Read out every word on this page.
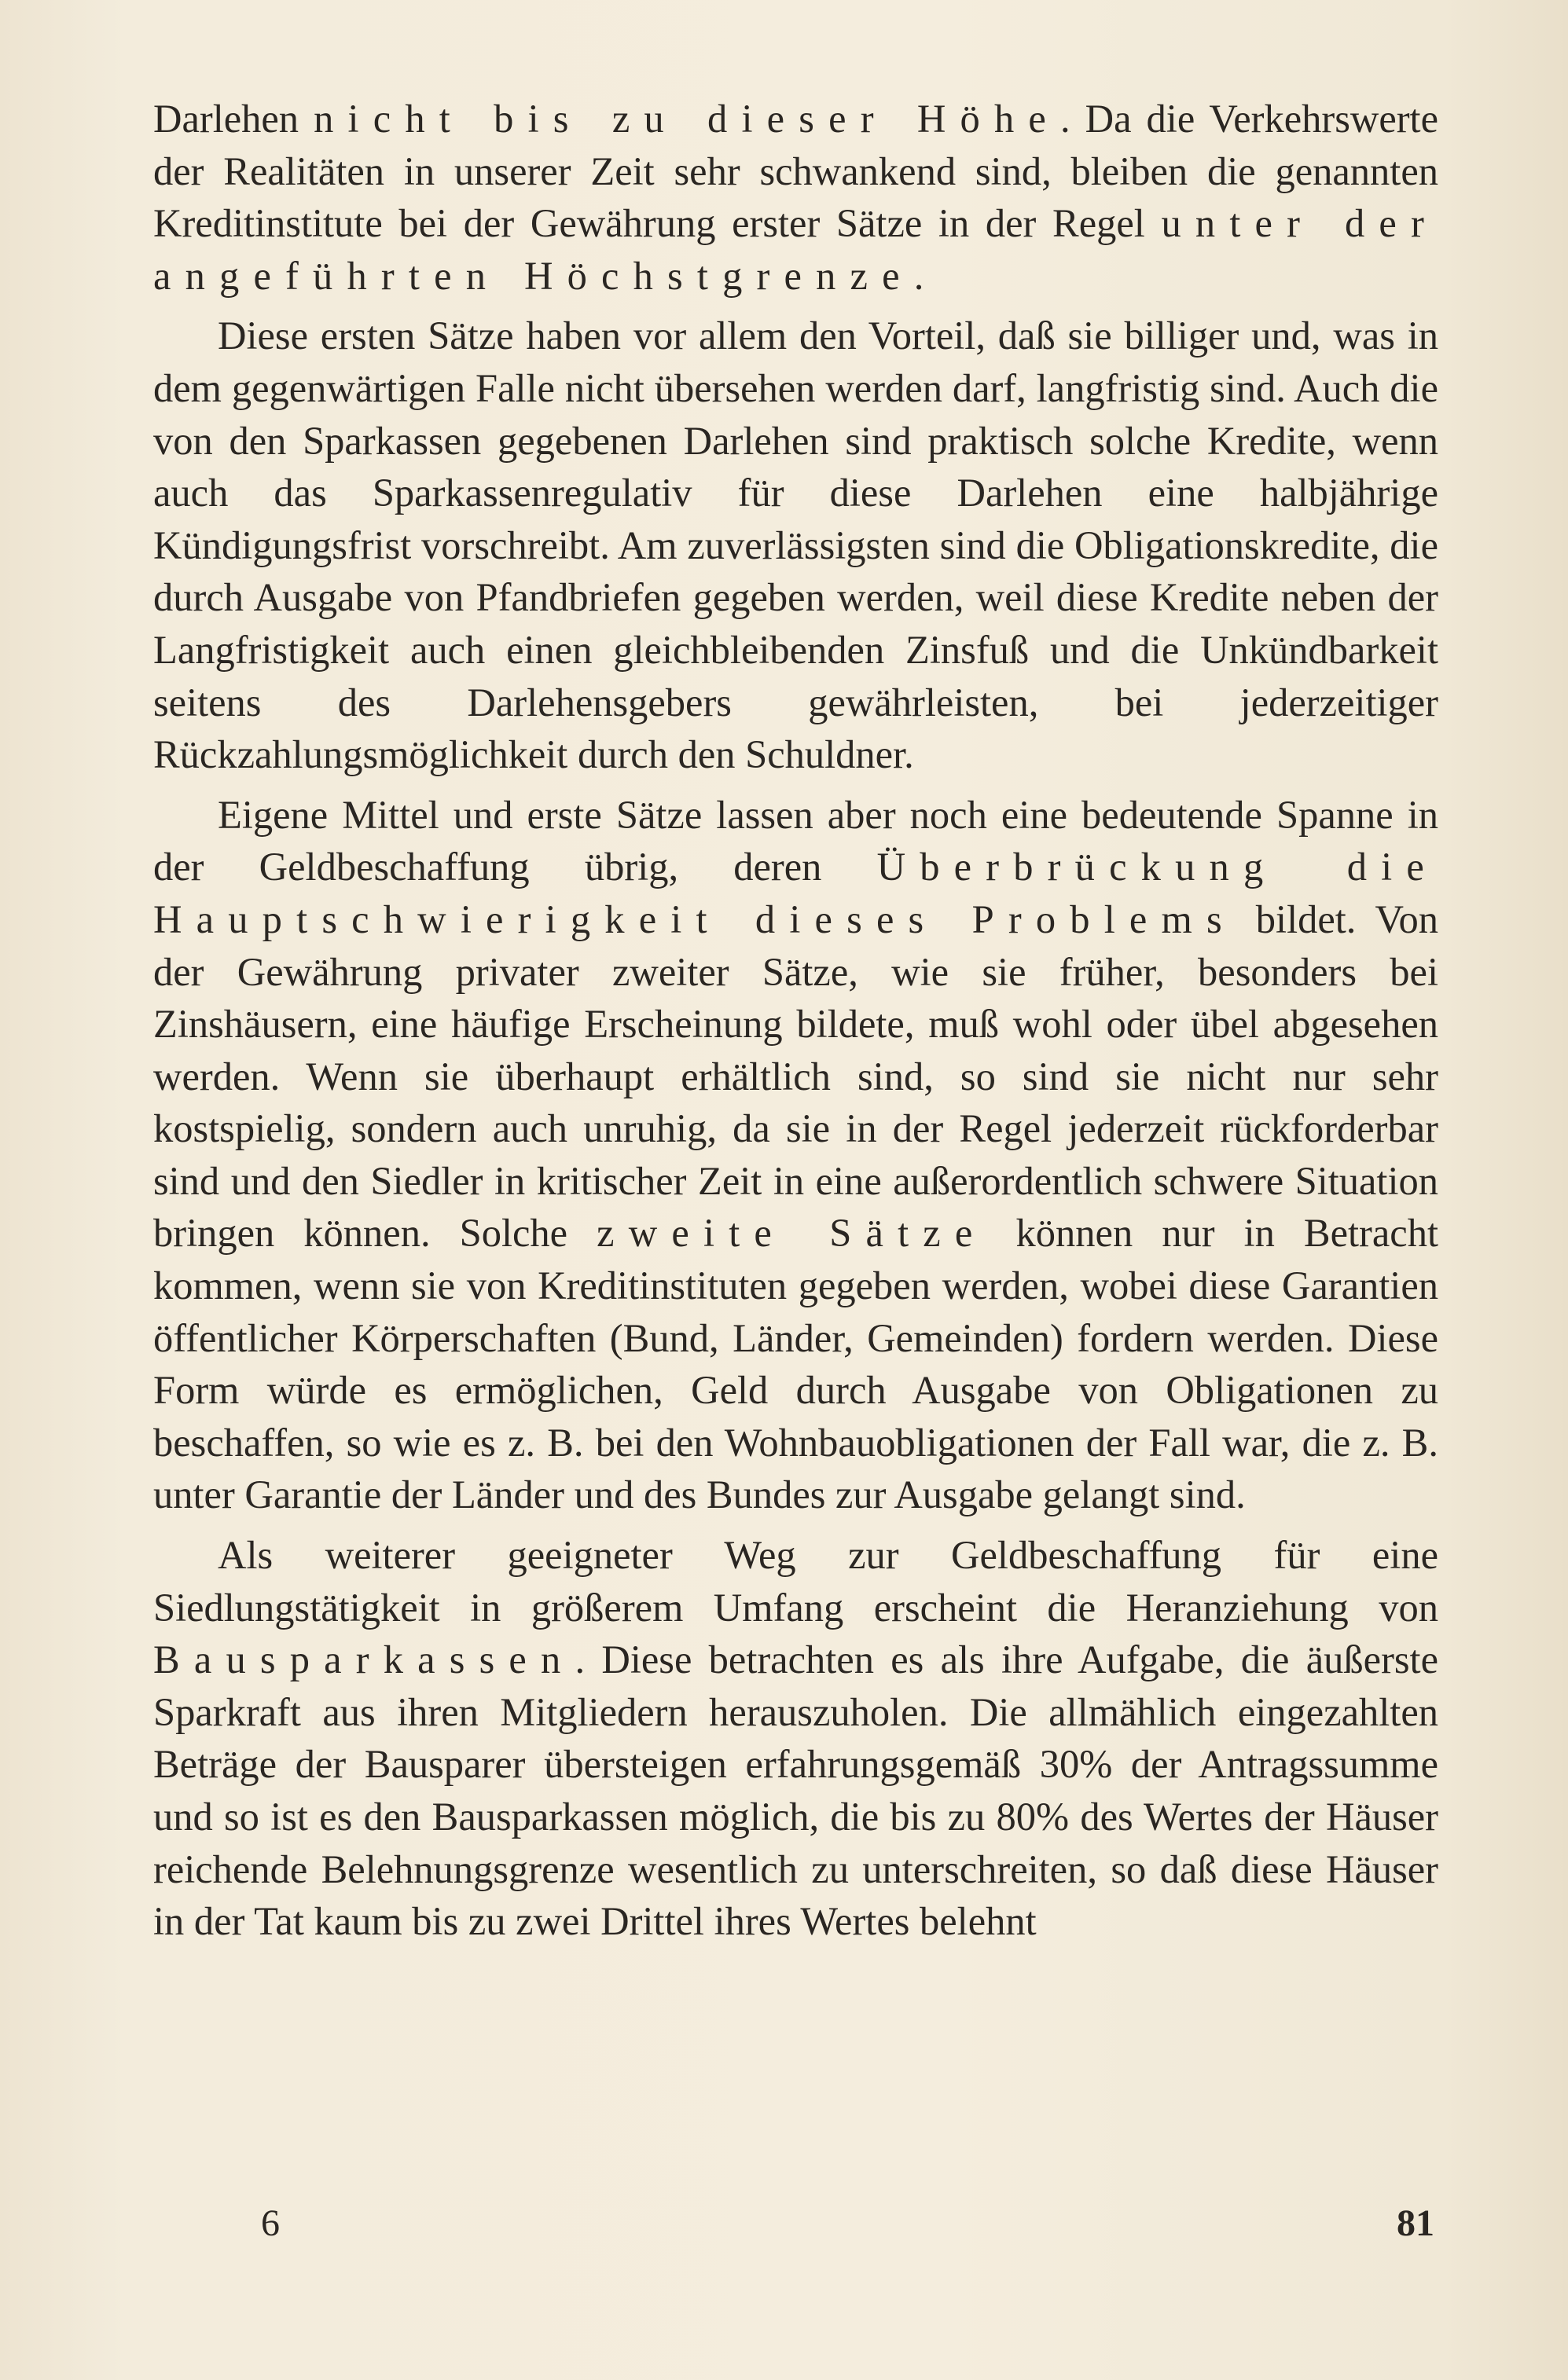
Darlehen nicht bis zu dieser Höhe. Da die Verkehrswerte der Realitäten in unserer Zeit sehr schwankend sind, bleiben die genannten Kreditinstitute bei der Gewährung erster Sätze in der Regel unter der angeführten Höchstgrenze.

Diese ersten Sätze haben vor allem den Vorteil, daß sie billiger und, was in dem gegenwärtigen Falle nicht übersehen werden darf, langfristig sind. Auch die von den Sparkassen gegebenen Darlehen sind praktisch solche Kredite, wenn auch das Sparkassenregulativ für diese Darlehen eine halbjährige Kündigungsfrist vorschreibt. Am zuverlässigsten sind die Obligationskredite, die durch Ausgabe von Pfandbriefen gegeben werden, weil diese Kredite neben der Langfristigkeit auch einen gleichbleibenden Zinsfuß und die Unkündbarkeit seitens des Darlehensgebers gewährleisten, bei jederzeitiger Rückzahlungsmöglichkeit durch den Schuldner.

Eigene Mittel und erste Sätze lassen aber noch eine bedeutende Spanne in der Geldbeschaffung übrig, deren Überbrückung die Hauptschwierigkeit dieses Problems bildet. Von der Gewährung privater zweiter Sätze, wie sie früher, besonders bei Zinshäusern, eine häufige Erscheinung bildete, muß wohl oder übel abgesehen werden. Wenn sie überhaupt erhältlich sind, so sind sie nicht nur sehr kostspielig, sondern auch unruhig, da sie in der Regel jederzeit rückforderbar sind und den Siedler in kritischer Zeit in eine außerordentlich schwere Situation bringen können. Solche zweite Sätze können nur in Betracht kommen, wenn sie von Kreditinstituten gegeben werden, wobei diese Garantien öffentlicher Körperschaften (Bund, Länder, Gemeinden) fordern werden. Diese Form würde es ermöglichen, Geld durch Ausgabe von Obligationen zu beschaffen, so wie es z. B. bei den Wohnbauobligationen der Fall war, die z. B. unter Garantie der Länder und des Bundes zur Ausgabe gelangt sind.

Als weiterer geeigneter Weg zur Geldbeschaffung für eine Siedlungstätigkeit in größerem Umfang erscheint die Heranziehung von Bausparkassen. Diese betrachten es als ihre Aufgabe, die äußerste Sparkraft aus ihren Mitgliedern herauszuholen. Die allmählich eingezahlten Beträge der Bausparer übersteigen erfahrungsgemäß 30% der Antragssumme und so ist es den Bausparkassen möglich, die bis zu 80% des Wertes der Häuser reichende Belehnungsgrenze wesentlich zu unterschreiten, so daß diese Häuser in der Tat kaum bis zu zwei Drittel ihres Wertes belehnt

6	81
